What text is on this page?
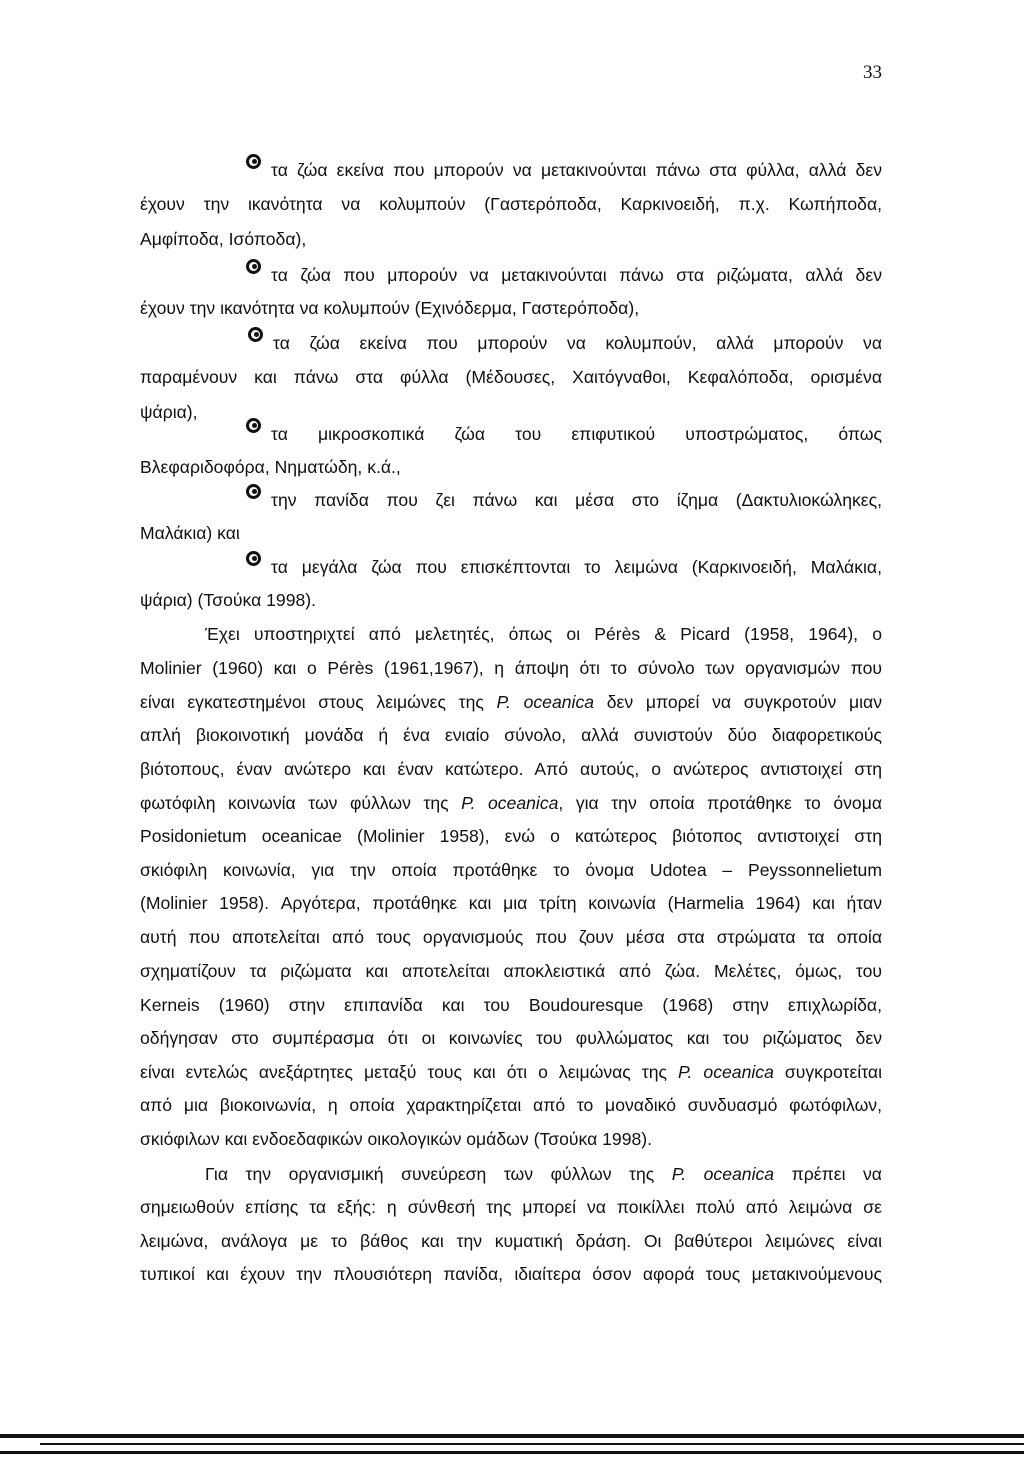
33
τα ζώα εκείνα που μπορούν να μετακινούνται πάνω στα φύλλα, αλλά δεν
έχουν την ικανότητα να κολυμπούν (Γαστερόποδα, Καρκινοειδή, π.χ. Κωπήποδα,
Αμφίποδα, Ισόποδα),
τα ζώα που μπορούν να μετακινούνται πάνω στα ριζώματα, αλλά δεν
έχουν την ικανότητα να κολυμπούν (Εχινόδερμα, Γαστερόποδα),
τα ζώα εκείνα που μπορούν να κολυμπούν, αλλά μπορούν να
παραμένουν και πάνω στα φύλλα (Μέδουσες, Χαιτόγναθοι, Κεφαλόποδα, ορισμένα
ψάρια),
τα μικροσκοπικά ζώα του επιφυτικού υποστρώματος, όπως
Βλεφαριδοφόρα, Νηματώδη, κ.ά.,
την πανίδα που ζει πάνω και μέσα στο ίζημα (Δακτυλιοκώληκες,
Μαλάκια) και
τα μεγάλα ζώα που επισκέπτονται το λειμώνα (Καρκινοειδή, Μαλάκια,
ψάρια) (Τσούκα 1998).
Έχει υποστηριχτεί από μελετητές, όπως οι Pérès & Picard (1958, 1964), ο
Molinier (1960) και ο Pérès (1961,1967), η άποψη ότι το σύνολο των οργανισμών που
είναι εγκατεστημένοι στους λειμώνες της P. oceanica δεν μπορεί να συγκροτούν μιαν
απλή βιοκοινοτική μονάδα ή ένα ενιαίο σύνολο, αλλά συνιστούν δύο διαφορετικούς
βιότοπους, έναν ανώτερο και έναν κατώτερο. Από αυτούς, ο ανώτερος αντιστοιχεί στη
φωτόφιλη κοινωνία των φύλλων της P. oceanica, για την οποία προτάθηκε το όνομα
Posidonietum oceanicae (Molinier 1958), ενώ ο κατώτερος βιότοπος αντιστοιχεί στη
σκιόφιλη κοινωνία, για την οποία προτάθηκε το όνομα Udotea – Peyssonnelietum
(Molinier 1958). Αργότερα, προτάθηκε και μια τρίτη κοινωνία (Harmelia 1964) και ήταν
αυτή που αποτελείται από τους οργανισμούς που ζουν μέσα στα στρώματα τα οποία
σχηματίζουν τα ριζώματα και αποτελείται αποκλειστικά από ζώα. Μελέτες, όμως, του
Kerneis (1960) στην επιπανίδα και του Boudouresque (1968) στην επιχλωρίδα,
οδήγησαν στο συμπέρασμα ότι οι κοινωνίες του φυλλώματος και του ριζώματος δεν
είναι εντελώς ανεξάρτητες μεταξύ τους και ότι ο λειμώνας της P. oceanica συγκροτείται
από μια βιοκοινωνία, η οποία χαρακτηρίζεται από το μοναδικό συνδυασμό φωτόφιλων,
σκιόφιλων και ενδοεδαφικών οικολογικών ομάδων (Τσούκα 1998).
Για την οργανισμική συνεύρεση των φύλλων της P. oceanica πρέπει να
σημειωθούν επίσης τα εξής: η σύνθεσή της μπορεί να ποικίλλει πολύ από λειμώνα σε
λειμώνα, ανάλογα με το βάθος και την κυματική δράση. Οι βαθύτεροι λειμώνες είναι
τυπικοί και έχουν την πλουσιότερη πανίδα, ιδιαίτερα όσον αφορά τους μετακινούμενους
